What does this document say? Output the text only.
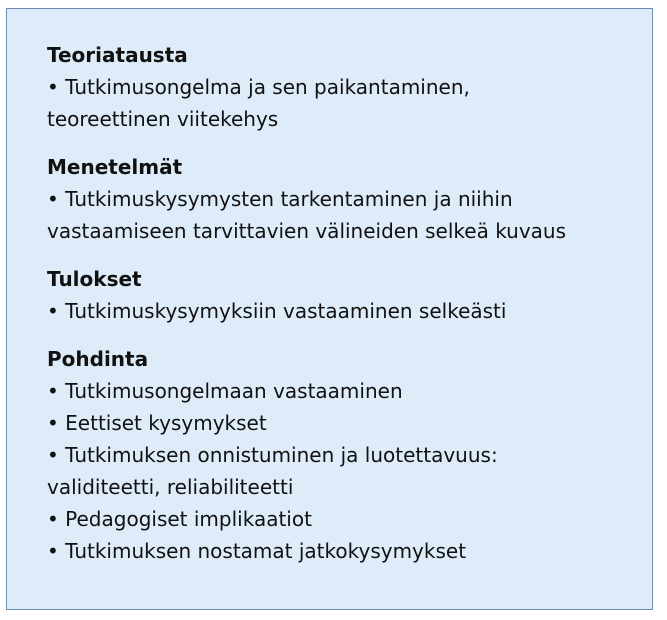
Teoriatausta
• Tutkimusongelma ja sen paikantaminen,
teoreettinen viitekehys
Menetelmät
• Tutkimuskysymysten tarkentaminen ja niihin
vastaamiseen tarvittavien välineiden selkeä kuvaus
Tulokset
• Tutkimuskysymyksiin vastaaminen selkeästi
Pohdinta
• Tutkimusongelmaan vastaaminen
• Eettiset kysymykset
• Tutkimuksen onnistuminen ja luotettavuus:
validiteetti, reliabiliteetti
• Pedagogiset implikaatiot
• Tutkimuksen nostamat jatkokysymykset
